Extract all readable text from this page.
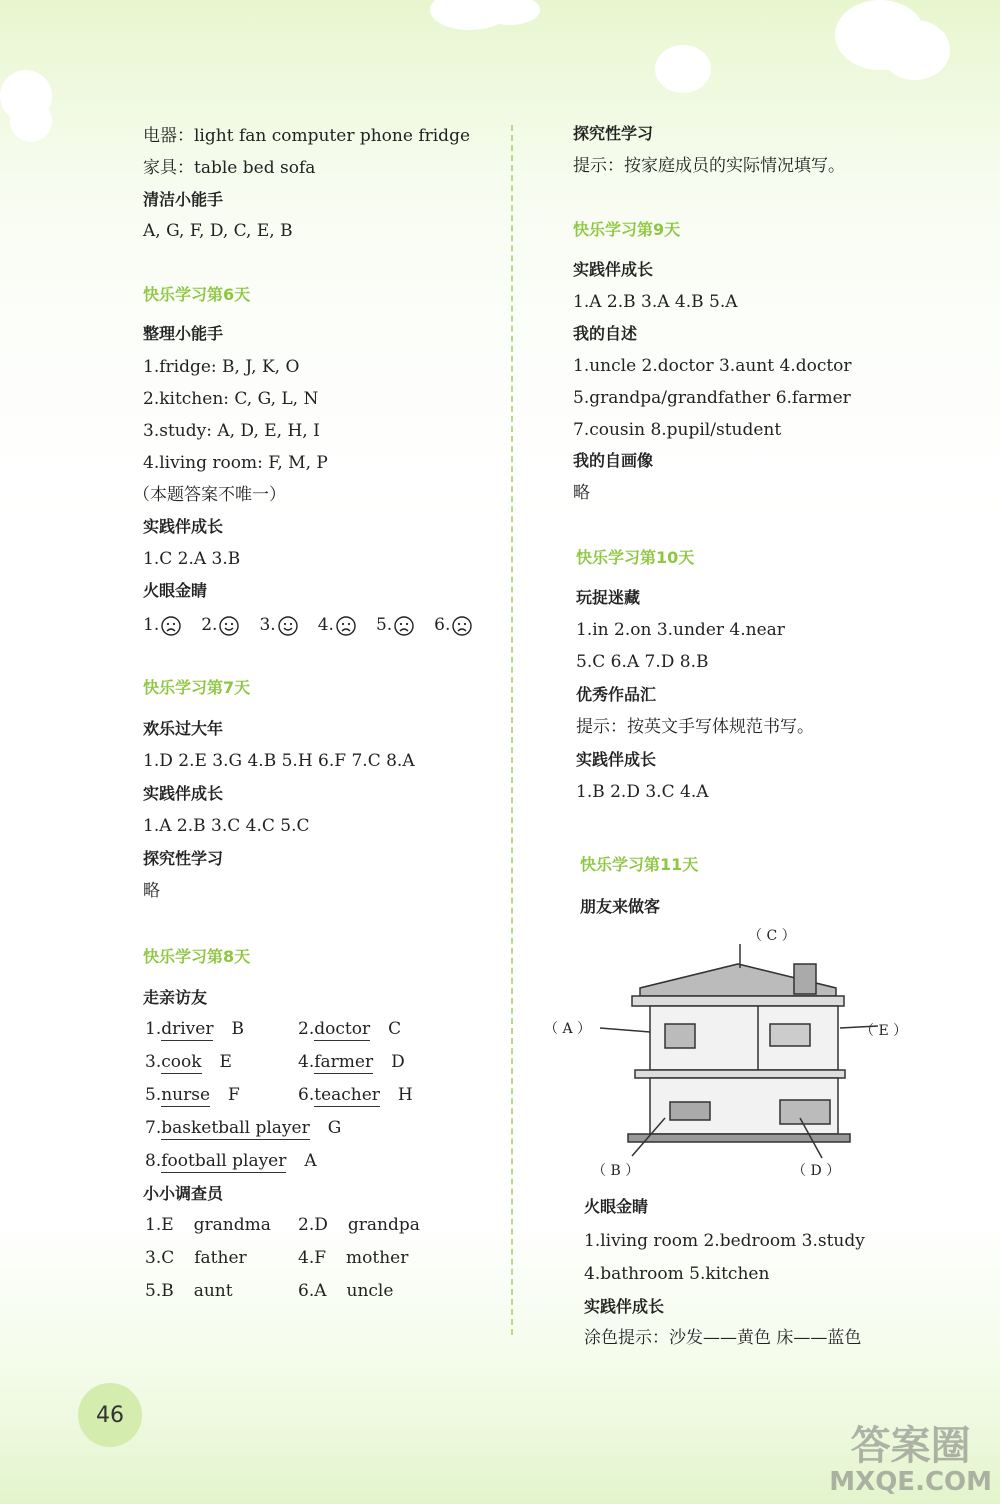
电器：light fan computer phone fridge
家具：table bed sofa
清洁小能手
A, G, F, D, C, E, B
快乐学习第6天
整理小能手
1.fridge: B, J, K, O
2.kitchen: C, G, L, N
3.study: A, D, E, H, I
4.living room: F, M, P
（本题答案不唯一）
实践伴成长
1.C 2.A 3.B
火眼金睛
1. 2. 3. 4. 5. 6.
快乐学习第7天
欢乐过大年
1.D 2.E 3.G 4.B 5.H 6.F 7.C 8.A
实践伴成长
1.A 2.B 3.C 4.C 5.C
探究性学习
略
快乐学习第8天
走亲访友
1.driver B	2.doctor C
3.cook E	4.farmer D
5.nurse F	6.teacher H
7.basketball player G
8.football player A
小小调查员
1.E grandma 2.D grandpa
3.C father	4.F mother
5.B aunt	6.A uncle
探究性学习
提示：按家庭成员的实际情况填写。
快乐学习第9天
实践伴成长
1.A 2.B 3.A 4.B 5.A
我的自述
1.uncle 2.doctor 3.aunt 4.doctor
5.grandpa/grandfather 6.farmer
7.cousin 8.pupil/student
我的自画像
略
快乐学习第10天
玩捉迷藏
1.in 2.on 3.under 4.near
5.C 6.A 7.D 8.B
优秀作品汇
提示：按英文手写体规范书写。
实践伴成长
1.B 2.D 3.C 4.A
快乐学习第11天
朋友来做客
（ C ）
（ A ）	（ E ）
（ B ）	（ D ）
火眼金睛
1.living room 2.bedroom 3.study
4.bathroom 5.kitchen
实践伴成长
涂色提示：沙发——黄色 床——蓝色
46
答案圈
MXQE.COM
